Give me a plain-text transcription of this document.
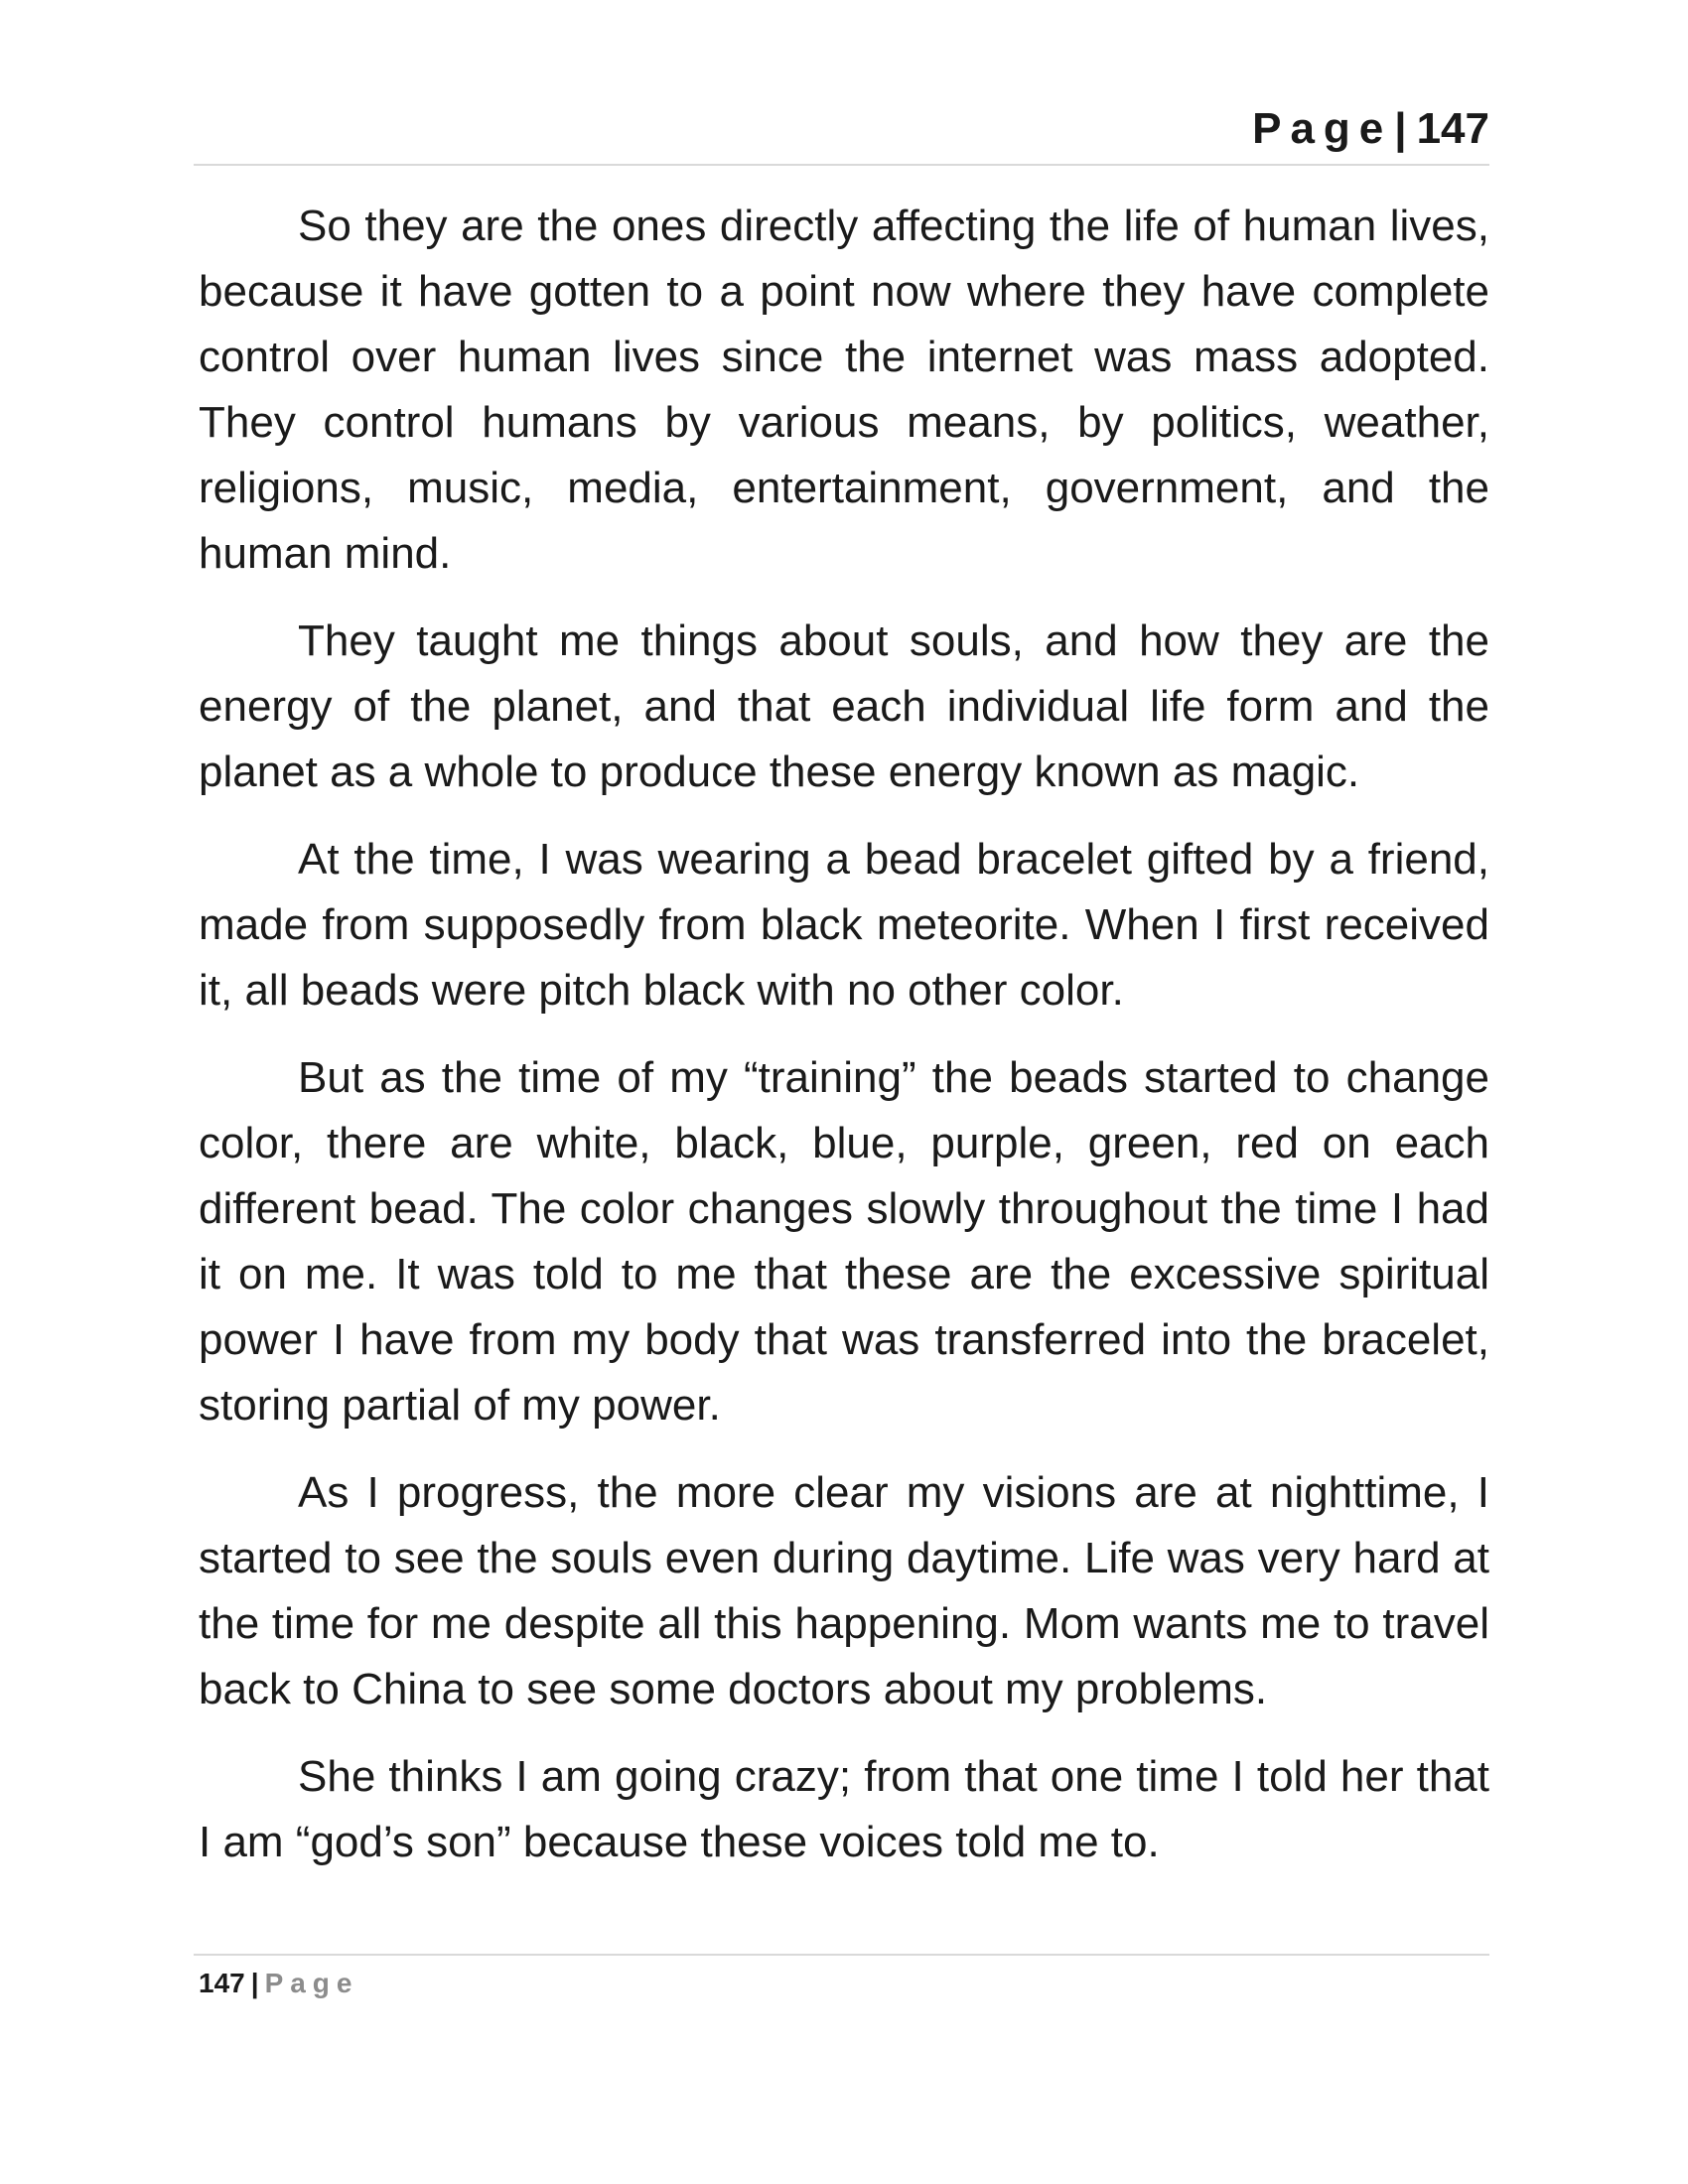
Page| 147

So they are the ones directly affecting the life of human lives, because it have gotten to a point now where they have complete control over human lives since the internet was mass adopted. They control humans by various means, by politics, weather, religions, music, media, entertainment, government, and the human mind.

They taught me things about souls, and how they are the energy of the planet, and that each individual life form and the planet as a whole to produce these energy known as magic.

At the time, I was wearing a bead bracelet gifted by a friend, made from supposedly from black meteorite. When I first received it, all beads were pitch black with no other color.

But as the time of my “training” the beads started to change color, there are white, black, blue, purple, green, red on each different bead. The color changes slowly throughout the time I had it on me. It was told to me that these are the excessive spiritual power I have from my body that was transferred into the bracelet, storing partial of my power.

As I progress, the more clear my visions are at nighttime, I started to see the souls even during daytime. Life was very hard at the time for me despite all this happening. Mom wants me to travel back to China to see some doctors about my problems.

She thinks I am going crazy; from that one time I told her that I am “god’s son” because these voices told me to.

147 | Page
